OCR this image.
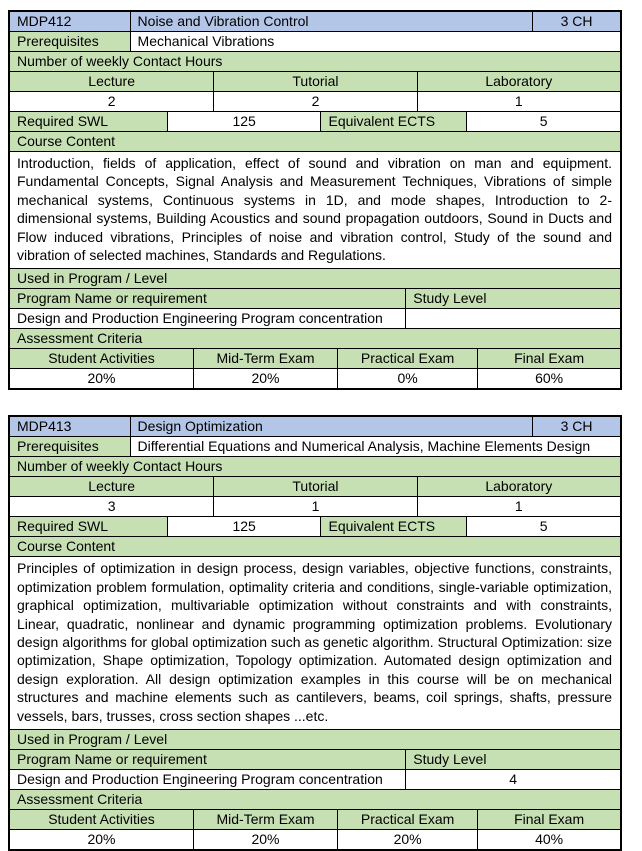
MDP412	Noise and Vibration Control	3 CH
Prerequisites	Mechanical Vibrations
Number of weekly Contact Hours
Lecture	Tutorial	Laboratory
2	2	1
Required SWL	125	Equivalent ECTS	5
Course Content
Introduction, fields of application, effect of sound and vibration on man and equipment. Fundamental Concepts, Signal Analysis and Measurement Techniques, Vibrations of simple mechanical systems, Continuous systems in 1D, and mode shapes, Introduction to 2-dimensional systems, Building Acoustics and sound propagation outdoors, Sound in Ducts and Flow induced vibrations, Principles of noise and vibration control, Study of the sound and vibration of selected machines, Standards and Regulations.
Used in Program / Level
Program Name or requirement	Study Level
Design and Production Engineering Program concentration
Assessment Criteria
Student Activities	Mid-Term Exam	Practical Exam	Final Exam
20%	20%	0%	60%
MDP413	Design Optimization	3 CH
Prerequisites	Differential Equations and Numerical Analysis, Machine Elements Design
Number of weekly Contact Hours
Lecture	Tutorial	Laboratory
3	1	1
Required SWL	125	Equivalent ECTS	5
Course Content
Principles of optimization in design process, design variables, objective functions, constraints, optimization problem formulation, optimality criteria and conditions, single-variable optimization, graphical optimization, multivariable optimization without constraints and with constraints, Linear, quadratic, nonlinear and dynamic programming optimization problems. Evolutionary design algorithms for global optimization such as genetic algorithm. Structural Optimization: size optimization, Shape optimization, Topology optimization. Automated design optimization and design exploration. All design optimization examples in this course will be on mechanical structures and machine elements such as cantilevers, beams, coil springs, shafts, pressure vessels, bars, trusses, cross section shapes ...etc.
Used in Program / Level
Program Name or requirement	Study Level
Design and Production Engineering Program concentration	4
Assessment Criteria
Student Activities	Mid-Term Exam	Practical Exam	Final Exam
20%	20%	20%	40%
